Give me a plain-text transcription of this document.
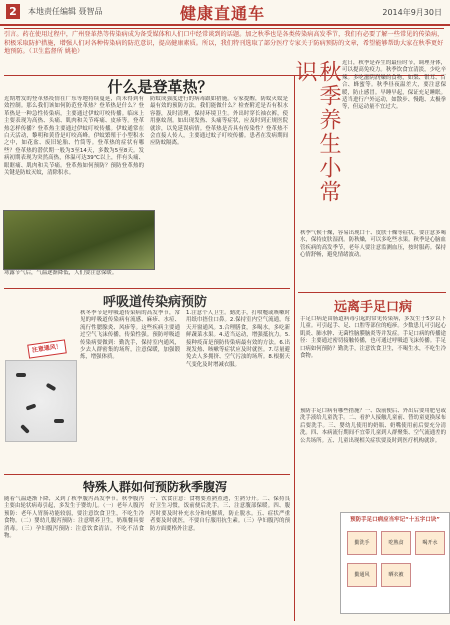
2	本地责任编辑 聂智品	健康直通车	2014年9月30日
引言。药在使用过程中，广州登革热等传染病成为备受媒体和人们口中经常谈到的话题。加之秋季也是各类传染病高发季节，我们有必要了解一些常见的传染病，积极采取防护措施，增强人们对各种传染病的防范意识，提高健康素质。所以，我们特刊选取了部分医疗专家关于防病预防的文章，希望能够帮助大家在秋季更好地预防。（卫生监督所 姚艳）
什么是登革热？
近期增发的登革热疫情在广东等地持续蔓延，尚未得到有效控制。那么我们该如何防范登革热？登革热是什么？登革热是一种急性传染病，主要通过伊蚊叮咬传播。临床上主要表现为高热、头痛、肌肉和关节疼痛、皮疹等。登革热怎样传播？登革热主要通过伊蚊叮咬传播。伊蚊通常在白天活动，黎明和黄昏是叮咬高峰。伊蚊繁殖于小型积水之中，如花盆、废旧轮胎、竹筒等。登革热的症状有哪些？登革热的潜伏期一般为3至14天，多数为5至8天。发病初期表现为突然高热，体温可达39℃以上，伴有头痛、眼眶痛、肌肉和关节痛。登革热如何预防？预防登革热的关键是防蚊灭蚊，清除积水。
防蚊成强度进行的病毒跟如措施。专家提醒，防蚊灭蚊是最有效的预防方法。我们能做什么？检查附近是否有积水容器，及时清理，保持环境卫生。外出时穿长袖衣裤，使用驱蚊剂。如出现发热、头痛等症状，应及时到正规医院就诊，以免延误病情。登革热是否具有传染性？登革热不会直接人传人，主要通过蚊子叮咬传播。患者在发病期间应防蚊隔离。
寒露节气后，气温逐渐降低，人们要注意保暖。
呼吸道传染病预防
秋冬季节是呼吸道传染病的高发季节，常见的呼吸道传染病有流感、麻疹、水痘、流行性腮腺炎、风疹等。这些疾病主要通过空气飞沫传播，传染性强。预防呼吸道传染病要做到：勤洗手，保持室内通风，少去人群密集的场所，注意保暖，加强锻炼，增强体质。
1.注意个人卫生。勤洗手，打喷嚏或咳嗽时用纸巾捂住口鼻。2.保持室内空气流通，每天开窗通风。3.合理膳食，多喝水，多吃新鲜蔬菜水果。4.适当运动，增强抵抗力。5.接种疫苗是预防传染病最有效的方法。6.出现发热、咳嗽等症状应及时就医。7.尽量避免去人多拥挤、空气污浊的场所。8.根据天气变化及时增减衣服。
注意通风！
特殊人群如何预防秋季腹泻
随着气温逐渐下降，又到了秋季腹泻高发季节。秋季腹泻主要由轮状病毒引起，多发生于婴幼儿。（一）老年人腹泻预防：老年人胃肠功能较弱，要注意饮食卫生，不吃生冷食物。（二）婴幼儿腹泻预防：注意喂养卫生，奶瓶餐具要消毒。（三）孕妇腹泻预防：注意饮食清洁，不吃不洁食物。
一、饮食注意：食物要煮熟煮透，生熟分开。二、保持良好卫生习惯，饭前便后洗手。三、注意腹部保暖。四、腹泻时要及时补充水分和电解质，防止脱水。五、症状严重者要及时就医，不要自行服用抗生素。（三）孕妇腹泻的预防方面要格外注意。
秋季养生小常识	近日，秋季是养生的最佳时节，调理身体，可以提高免疫力。秋季饮食宜清淡，少吃辛辣。多吃滋阴润燥的食物，如梨、银耳、百合、蜂蜜等。秋季昼夜温差大，要注意保暖，防止感冒。早睡早起，保证充足睡眠。适当进行户外运动，如散步、慢跑、太极拳等，但运动量不宜过大。
秋季气候干燥，容易出现口干、皮肤干燥等症状。要注意多喝水，保持皮肤湿润。防秋燥，可以多吃些水果。秋季是心脑血管疾病的高发季节，老年人要注意监测血压，按时服药。保持心情舒畅，避免情绪波动。
远离手足口病
手足口病是由肠道病毒引起的常见传染病，多发生于5岁以下儿童。可引起手、足、口腔等部位的疱疹。少数患儿可引起心肌炎、肺水肿、无菌性脑膜脑炎等并发症。手足口病的传播途径：主要通过密切接触传播，也可通过呼吸道飞沫传播。手足口病如何预防？勤洗手，注意饮食卫生，不喝生水，不吃生冷食物。
预防手足口病有哪些措施？一、饭前便后、外出后要用肥皂或洗手液给儿童洗手。二、看护人接触儿童前、替幼童更换尿布后要洗手。三、婴幼儿使用的奶瓶、奶嘴使用前后要充分清洗。四、本病流行期间不宜带儿童到人群聚集、空气流通差的公共场所。五、儿童出现相关症状要及时到医疗机构就诊。
预防手足口病应当牢记“十五字口诀”
勤洗手	吃熟食	喝开水
勤通风	晒衣被
